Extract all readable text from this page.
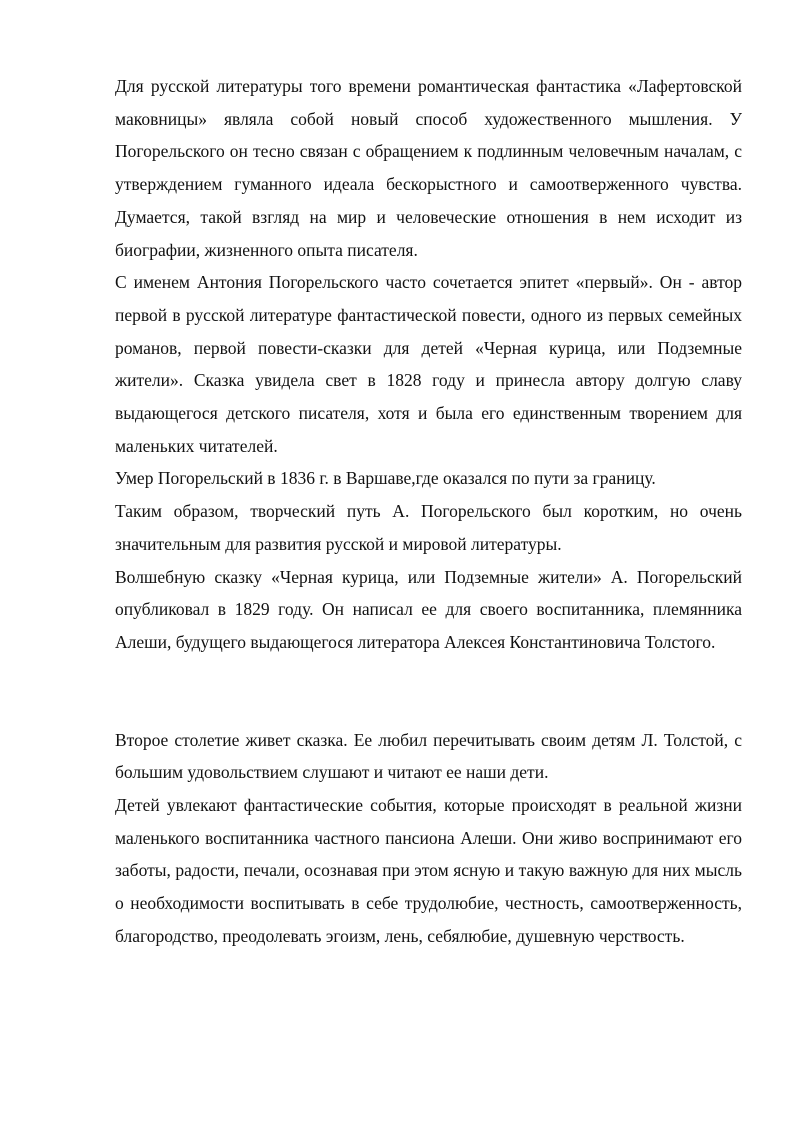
Для русской литературы того времени романтическая фантастика «Лафертовской маковницы» являла собой новый способ художественного мышления. У Погорельского он тесно связан с обращением к подлинным человечным началам, с утверждением гуманного идеала бескорыстного и самоотверженного чувства. Думается, такой взгляд на мир и человеческие отношения в нем исходит из биографии, жизненного опыта писателя.

С именем Антония Погорельского часто сочетается эпитет «первый». Он - автор первой в русской литературе фантастической повести, одного из первых семейных романов, первой повести-сказки для детей «Черная курица, или Подземные жители». Сказка увидела свет в 1828 году и принесла автору долгую славу выдающегося детского писателя, хотя и была его единственным творением для маленьких читателей.

Умер Погорельский в 1836 г. в Варшаве,где оказался по пути за границу.

Таким образом, творческий путь А. Погорельского был коротким, но очень значительным для развития русской и мировой литературы.

Волшебную сказку «Черная курица, или Подземные жители» А. Погорельский опубликовал в 1829 году. Он написал ее для своего воспитанника, племянника Алеши, будущего выдающегося литератора Алексея Константиновича Толстого.

Второе столетие живет сказка. Ее любил перечитывать своим детям Л. Толстой, с большим удовольствием слушают и читают ее наши дети.

Детей увлекают фантастические события, которые происходят в реальной жизни маленького воспитанника частного пансиона Алеши. Они живо воспринимают его заботы, радости, печали, осознавая при этом ясную и такую важную для них мысль о необходимости воспитывать в себе трудолюбие, честность, самоотверженность, благородство, преодолевать эгоизм, лень, себялюбие, душевную черствость.
